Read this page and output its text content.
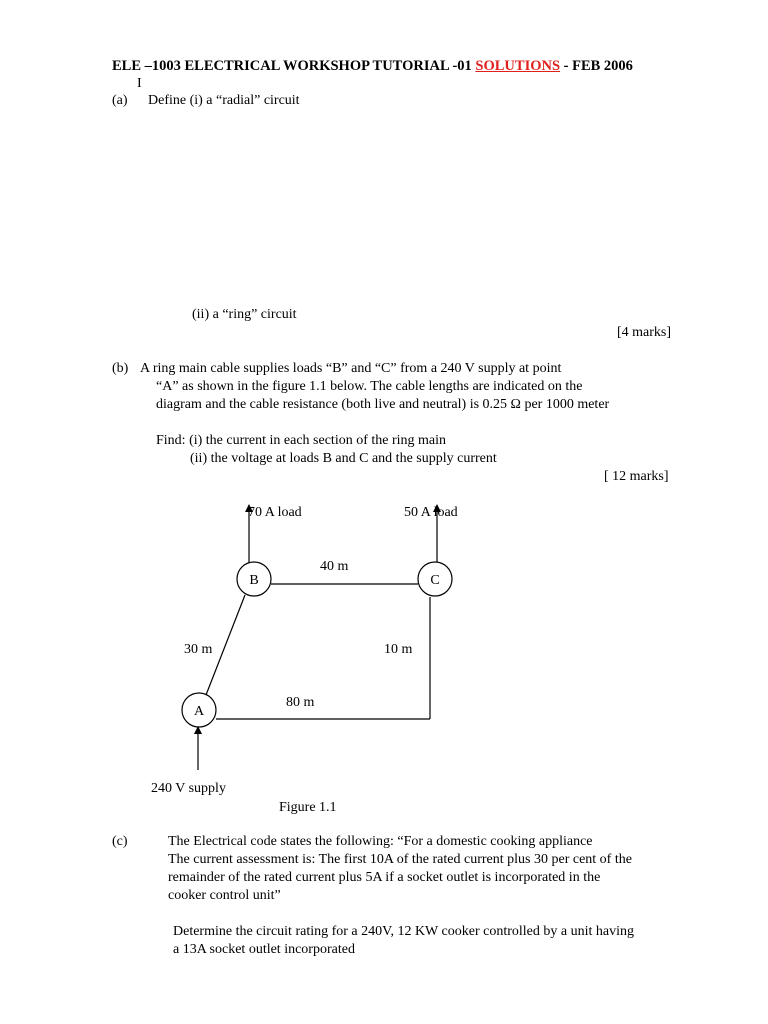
ELE –1003 ELECTRICAL WORKSHOP TUTORIAL -01 SOLUTIONS - FEB 2006
I
(a) Define (i) a “radial” circuit
(ii) a “ring” circuit
[4 marks]
(b) A ring main cable supplies loads “B” and “C” from a 240 V supply at point
“A” as shown in the figure 1.1 below. The cable lengths are indicated on the
diagram and the cable resistance (both live and neutral) is 0.25 Ω per 1000 meter
Find: (i) the current in each section of the ring main
(ii) the voltage at loads B and C and the supply current
[ 12 marks]
70 A load	50 A load
B	C
A
40 m
30 m	10 m
80 m
240 V supply
Figure 1.1
(c)	The Electrical code states the following: “For a domestic cooking appliance
The current assessment is: The first 10A of the rated current plus 30 per cent of the
remainder of the rated current plus 5A if a socket outlet is incorporated in the
cooker control unit”
Determine the circuit rating for a 240V, 12 KW cooker controlled by a unit having
a 13A socket outlet incorporated
